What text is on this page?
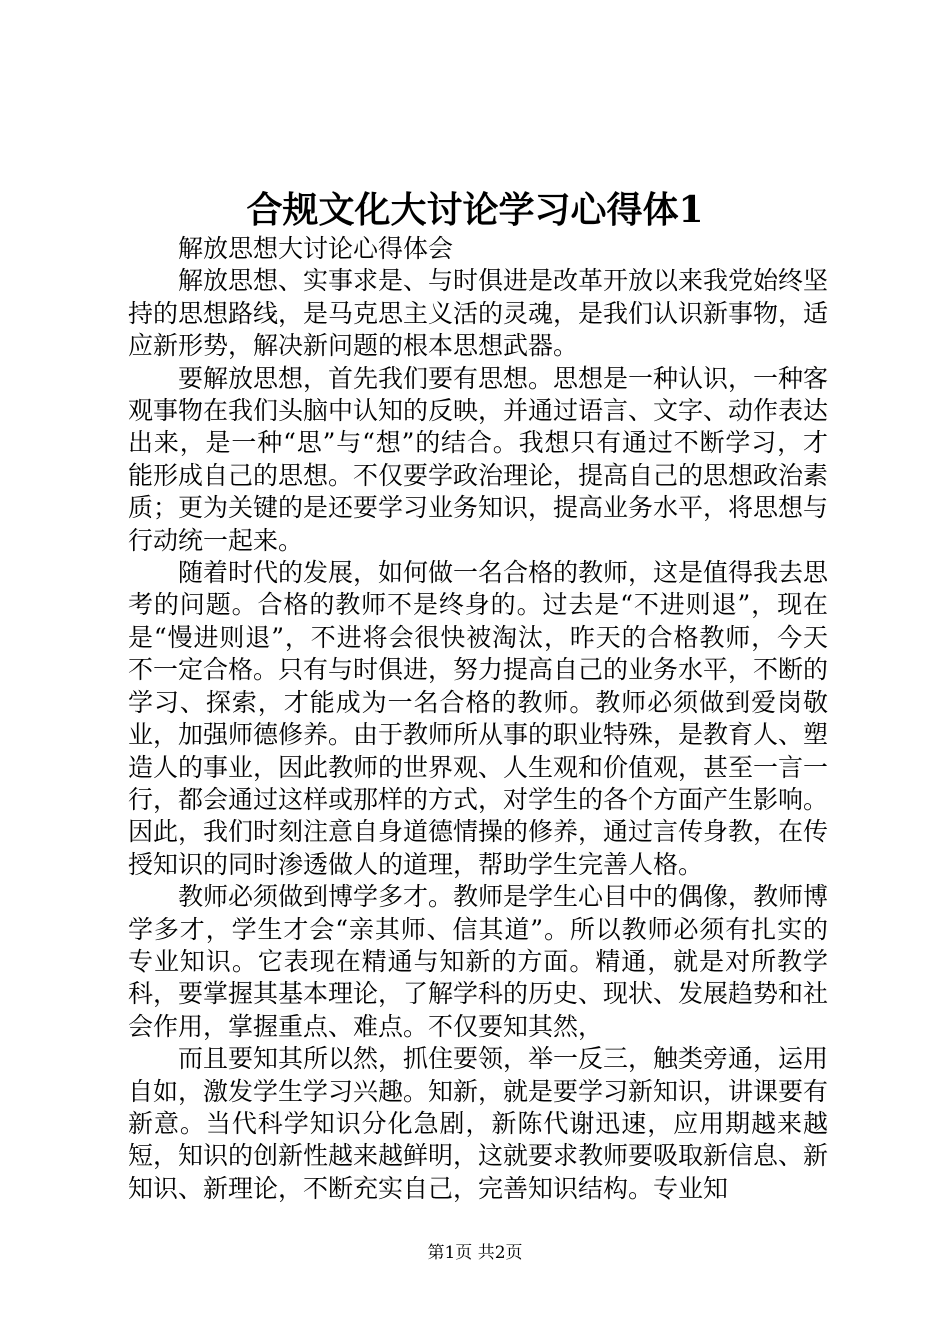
合规文化大讨论学习心得体1

解放思想大讨论心得体会

解放思想、实事求是、与时俱进是改革开放以来我党始终坚持的思想路线，是马克思主义活的灵魂，是我们认识新事物，适应新形势，解决新问题的根本思想武器。

要解放思想，首先我们要有思想。思想是一种认识，一种客观事物在我们头脑中认知的反映，并通过语言、文字、动作表达出来，是一种“思”与“想”的结合。我想只有通过不断学习，才能形成自己的思想。不仅要学政治理论，提高自己的思想政治素质；更为关键的是还要学习业务知识，提高业务水平，将思想与行动统一起来。

随着时代的发展，如何做一名合格的教师，这是值得我去思考的问题。合格的教师不是终身的。过去是“不进则退”，现在是“慢进则退”，不进将会很快被淘汰，昨天的合格教师，今天不一定合格。只有与时俱进，努力提高自己的业务水平，不断的学习、探索，才能成为一名合格的教师。教师必须做到爱岗敬业，加强师德修养。由于教师所从事的职业特殊，是教育人、塑造人的事业，因此教师的世界观、人生观和价值观，甚至一言一行，都会通过这样或那样的方式，对学生的各个方面产生影响。因此，我们时刻注意自身道德情操的修养，通过言传身教，在传授知识的同时渗透做人的道理，帮助学生完善人格。

教师必须做到博学多才。教师是学生心目中的偶像，教师博学多才，学生才会“亲其师、信其道”。所以教师必须有扎实的专业知识。它表现在精通与知新的方面。精通，就是对所教学科，要掌握其基本理论，了解学科的历史、现状、发展趋势和社会作用，掌握重点、难点。不仅要知其然，

而且要知其所以然，抓住要领，举一反三，触类旁通，运用自如，激发学生学习兴趣。知新，就是要学习新知识，讲课要有新意。当代科学知识分化急剧，新陈代谢迅速，应用期越来越短，知识的创新性越来越鲜明，这就要求教师要吸取新信息、新知识、新理论，不断充实自己，完善知识结构。专业知

第1页 共2页
